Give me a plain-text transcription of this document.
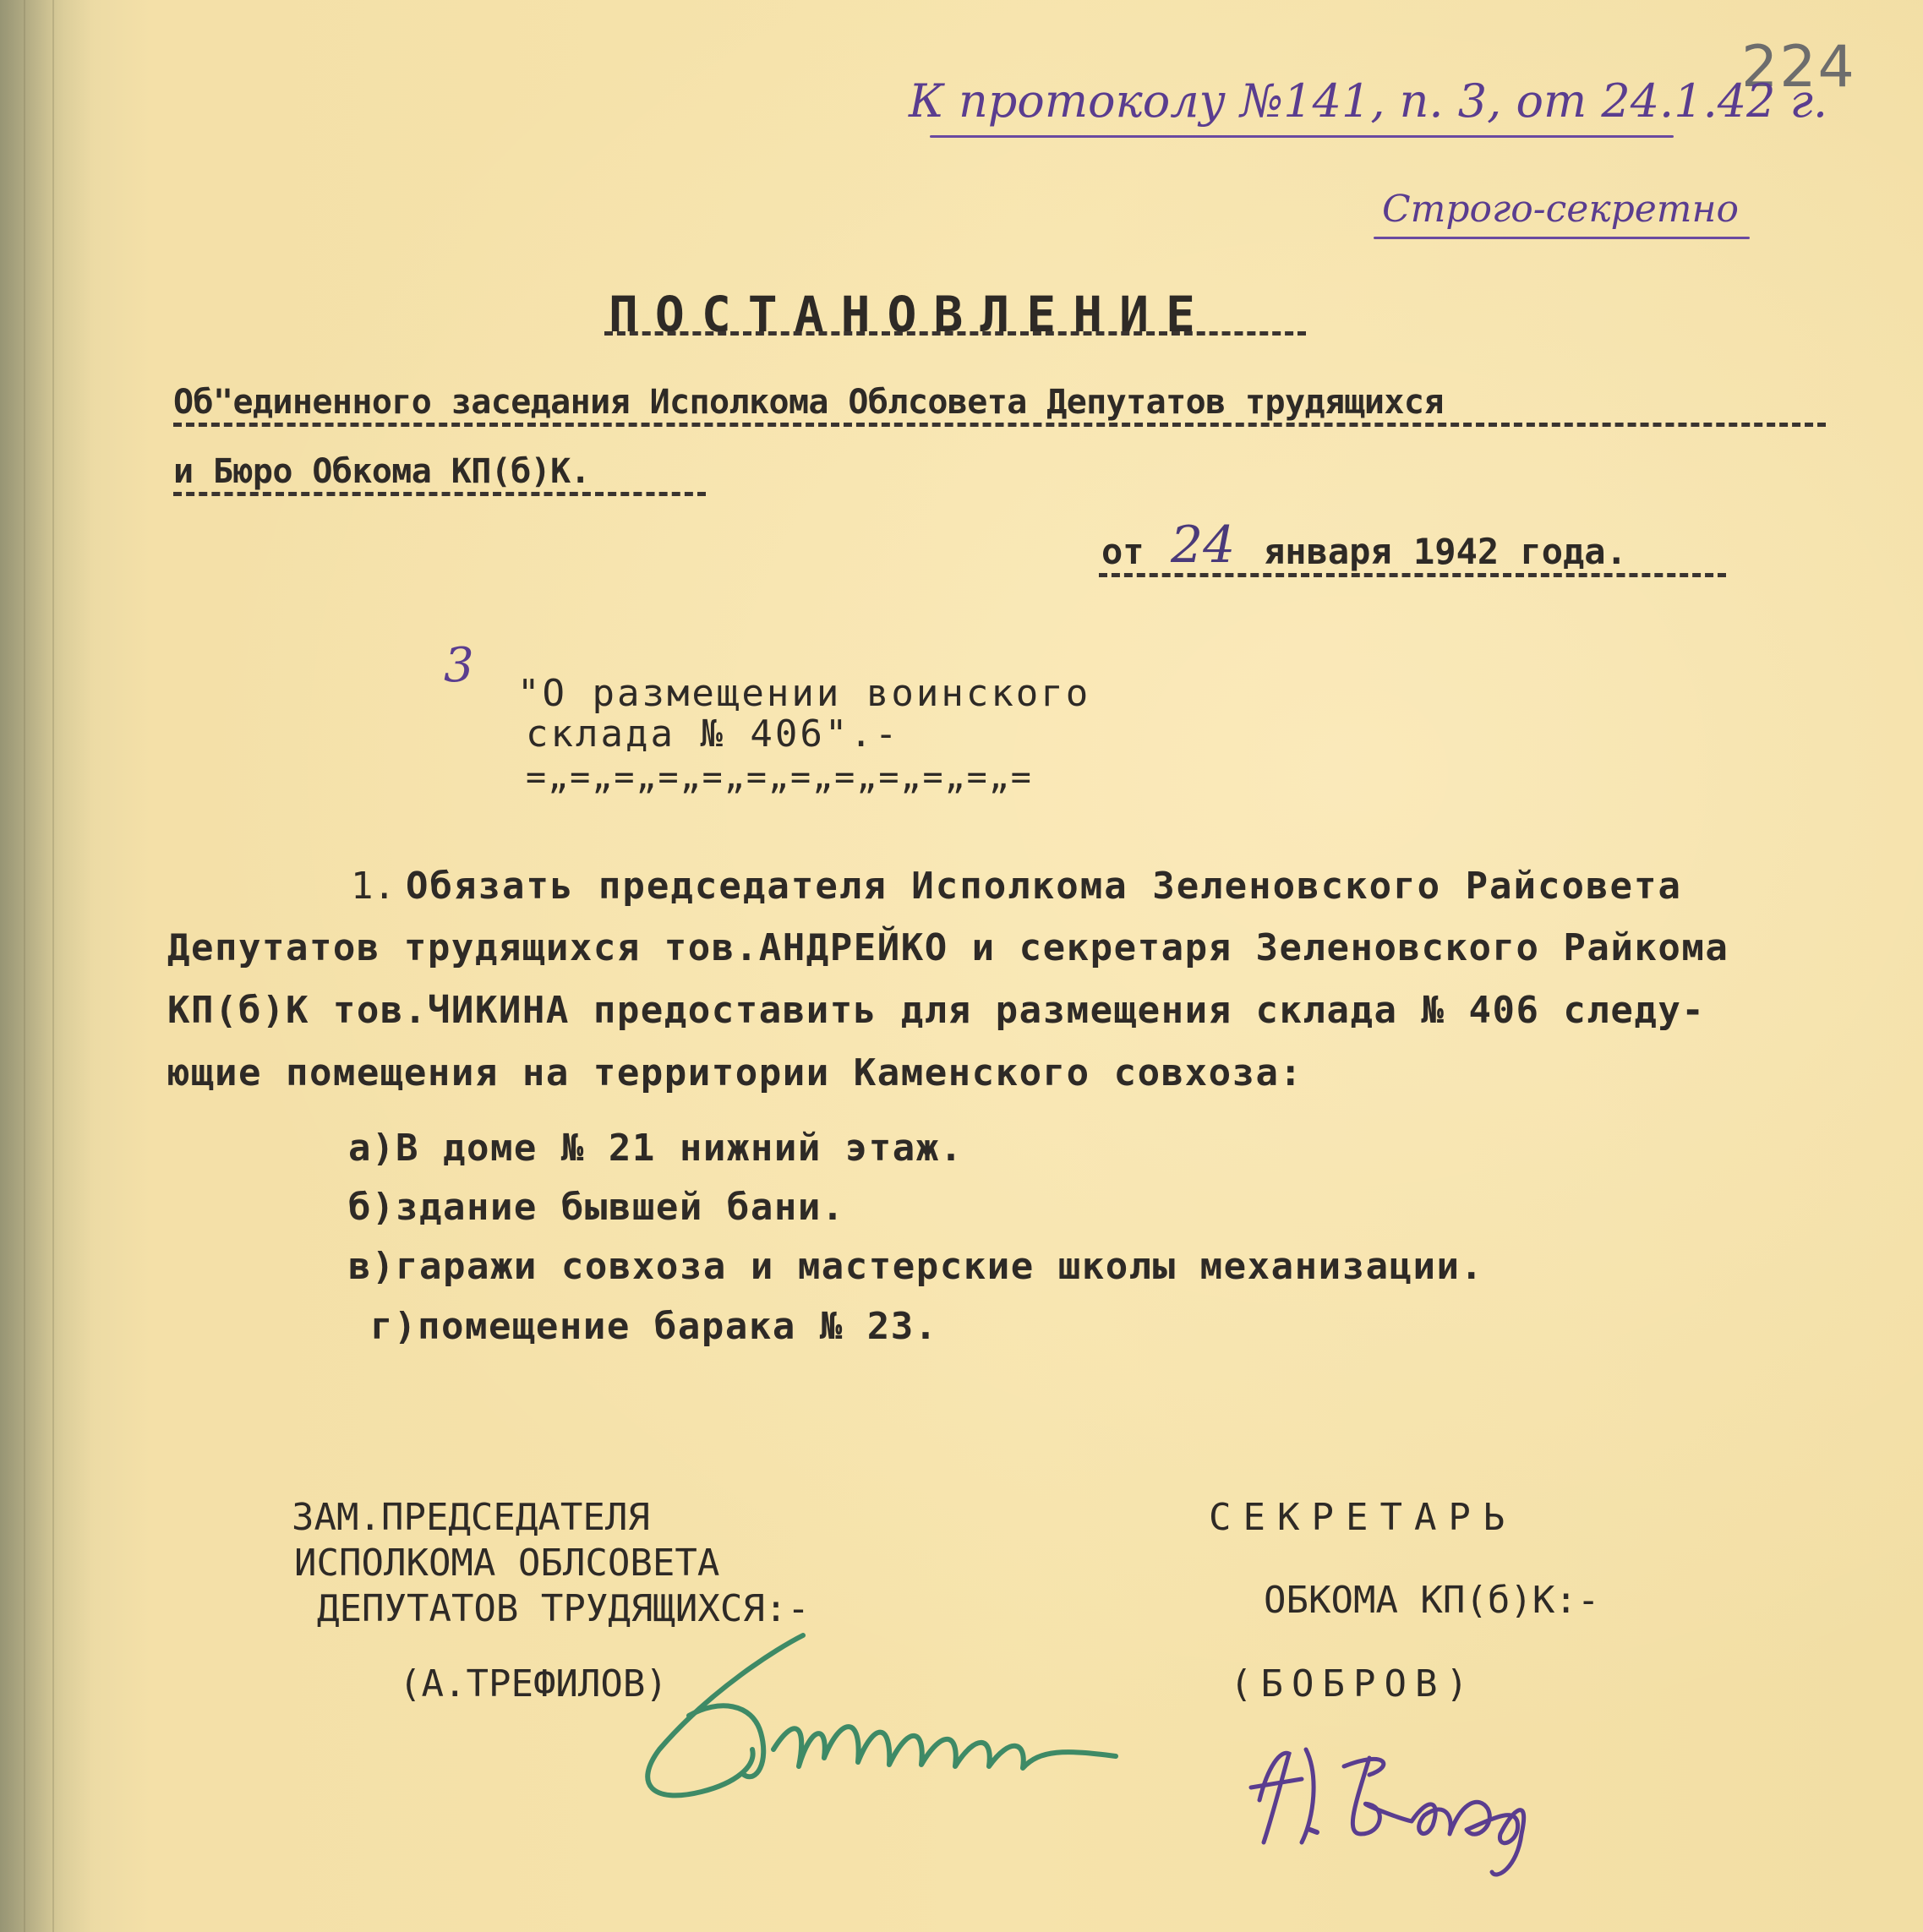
224
К протоколу №141, п. 3, от 24.1.42 г.
Строго-секретно
ПОСТАНОВЛЕНИЕ
Об"единенного заседания Исполкома Облсовета Депутатов трудящихся
и Бюро Обкома КП(б)К.
от 24 января 1942 года.
3
"О размещении воинского
склада № 406".-
=„=„=„=„=„=„=„=„=„=„=„=
1. Обязать председателя Исполкома Зеленовского Райсовета
Депутатов трудящихся тов.АНДРЕЙКО и секретаря Зеленовского Райкома
КП(б)К тов.ЧИКИНА предоставить для размещения склада № 406 следу-
ющие помещения на территории Каменского совхоза:
а)В доме № 21 нижний этаж.
б)здание бывшей бани.
в)гаражи совхоза и мастерские школы механизации.
г)помещение барака № 23.
ЗАМ.ПРЕДСЕДАТЕЛЯ
ИСПОЛКОМА ОБЛСОВЕТА
ДЕПУТАТОВ ТРУДЯЩИХСЯ:-
(А.ТРЕФИЛОВ)
СЕКРЕТАРЬ
ОБКОМА КП(б)К:-
(БОБРОВ)
